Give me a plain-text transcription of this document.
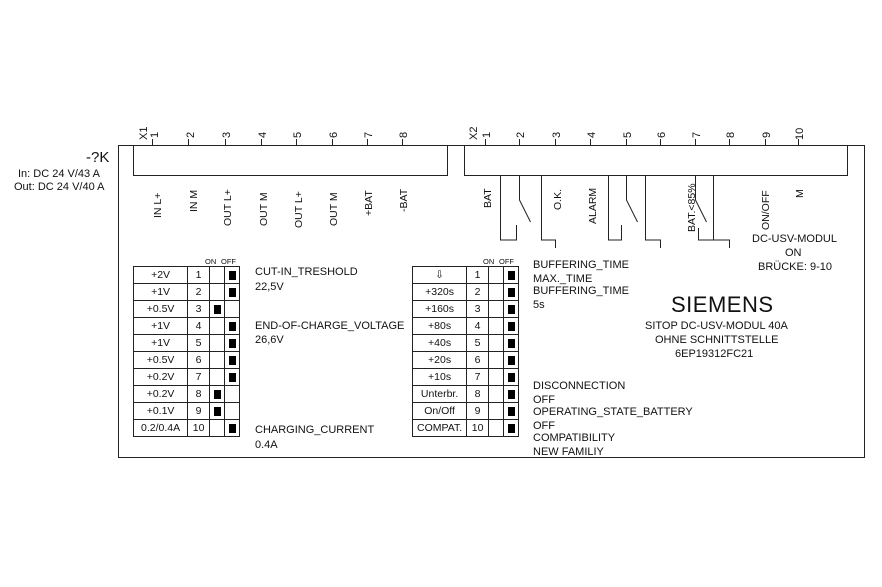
-?K
In: DC 24 V/43 A
Out: DC 24 V/40 A
X1 1 2 3 4 5 6 7 8
IN L+ IN M OUT L+ OUT M OUT L+ OUT M +BAT -BAT
X2 1 2 3 4 5 6 7 8 9 10
BAT	O.K. ALARM	BAT.<85%	ON/OFF M
DC-USV-MODUL
ON
BRÜCKE: 9-10
ON OFF	ON OFF
+2V	1		
+1V	2		
+0.5V	3		
+1V	4		
+1V	5		
+0.5V	6		
+0.2V	7		
+0.2V	8		
+0.1V	9		
0.2/0.4A	10		
⇩	1		
+320s	2		
+160s	3		
+80s	4		
+40s	5		
+20s	6		
+10s	7		
Unterbr.	8		
On/Off	9		
COMPAT.	10		
CUT-IN_TRESHOLD
22,5V
END-OF-CHARGE_VOLTAGE
26,6V
CHARGING_CURRENT
0.4A
BUFFERING_TIME
MAX._TIME
BUFFERING_TIME
5s
DISCONNECTION
OFF
OPERATING_STATE_BATTERY
OFF
COMPATIBILITY
NEW FAMILIY
SIEMENS
SITOP DC-USV-MODUL 40A
OHNE SCHNITTSTELLE
6EP19312FC21
